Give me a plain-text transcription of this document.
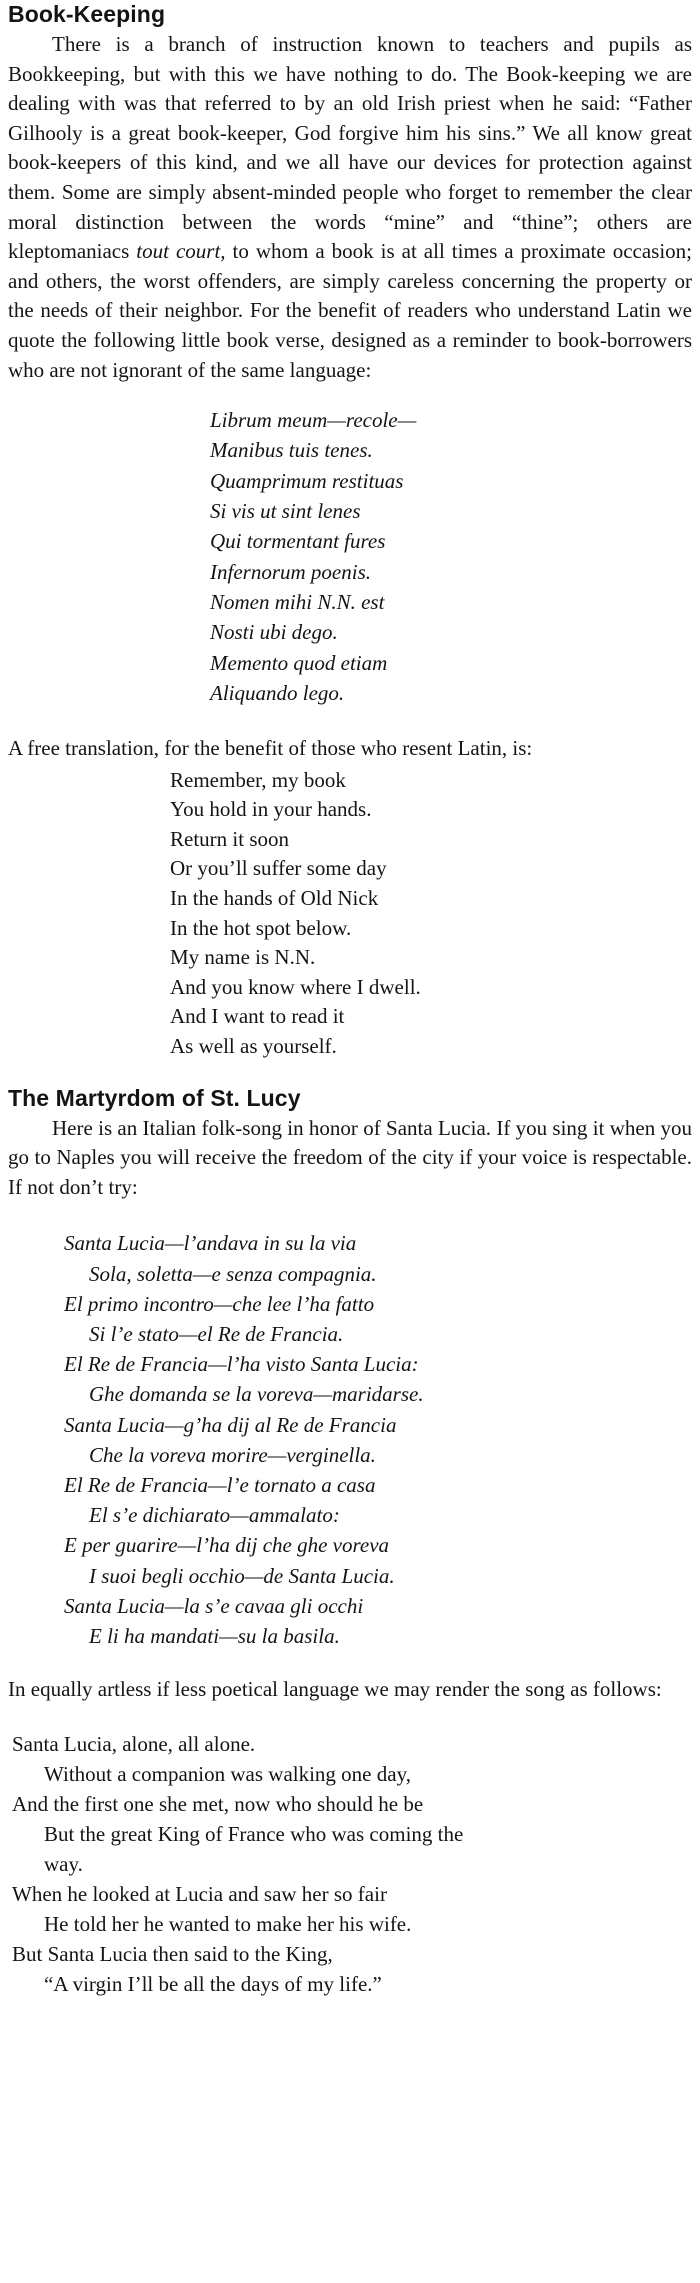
Book-Keeping

There is a branch of instruction known to teachers and pupils as Bookkeeping, but with this we have nothing to do. The Book-keeping we are dealing with was that referred to by an old Irish priest when he said: “Father Gilhooly is a great book-keeper, God forgive him his sins.” We all know great book-keepers of this kind, and we all have our devices for protection against them. Some are simply absent-minded people who forget to remember the clear moral distinction between the words “mine” and “thine”; others are kleptomaniacs tout court, to whom a book is at all times a proximate occasion; and others, the worst offenders, are simply careless concerning the property or the needs of their neighbor. For the benefit of readers who understand Latin we quote the following little book verse, designed as a reminder to book-borrowers who are not ignorant of the same language:

Librum meum—recole—
Manibus tuis tenes.
Quamprimum restituas
Si vis ut sint lenes
Qui tormentant fures
Infernorum poenis.
Nomen mihi N.N. est
Nosti ubi dego.
Memento quod etiam
Aliquando lego.

A free translation, for the benefit of those who resent Latin, is:

Remember, my book
You hold in your hands.
Return it soon
Or you’ll suffer some day
In the hands of Old Nick
In the hot spot below.
My name is N.N.
And you know where I dwell.
And I want to read it
As well as yourself.
The Martyrdom of St. Lucy

Here is an Italian folk-song in honor of Santa Lucia. If you sing it when you go to Naples you will receive the freedom of the city if your voice is respectable. If not don’t try:

Santa Lucia—l’andava in su la via
Sola, soletta—e senza compagnia.
El primo incontro—che lee l’ha fatto
Si l’e stato—el Re de Francia.
El Re de Francia—l’ha visto Santa Lucia:
Ghe domanda se la voreva—maridarse.
Santa Lucia—g’ha dij al Re de Francia
Che la voreva morire—verginella.
El Re de Francia—l’e tornato a casa
El s’e dichiarato—ammalato:
E per guarire—l’ha dij che ghe voreva
I suoi begli occhio—de Santa Lucia.
Santa Lucia—la s’e cavaa gli occhi
E li ha mandati—su la basila.

In equally artless if less poetical language we may render the song as follows:

Santa Lucia, alone, all alone.
Without a companion was walking one day,
And the first one she met, now who should he be
But the great King of France who was coming the
way.
When he looked at Lucia and saw her so fair
He told her he wanted to make her his wife.
But Santa Lucia then said to the King,
“A virgin I’ll be all the days of my life.”
